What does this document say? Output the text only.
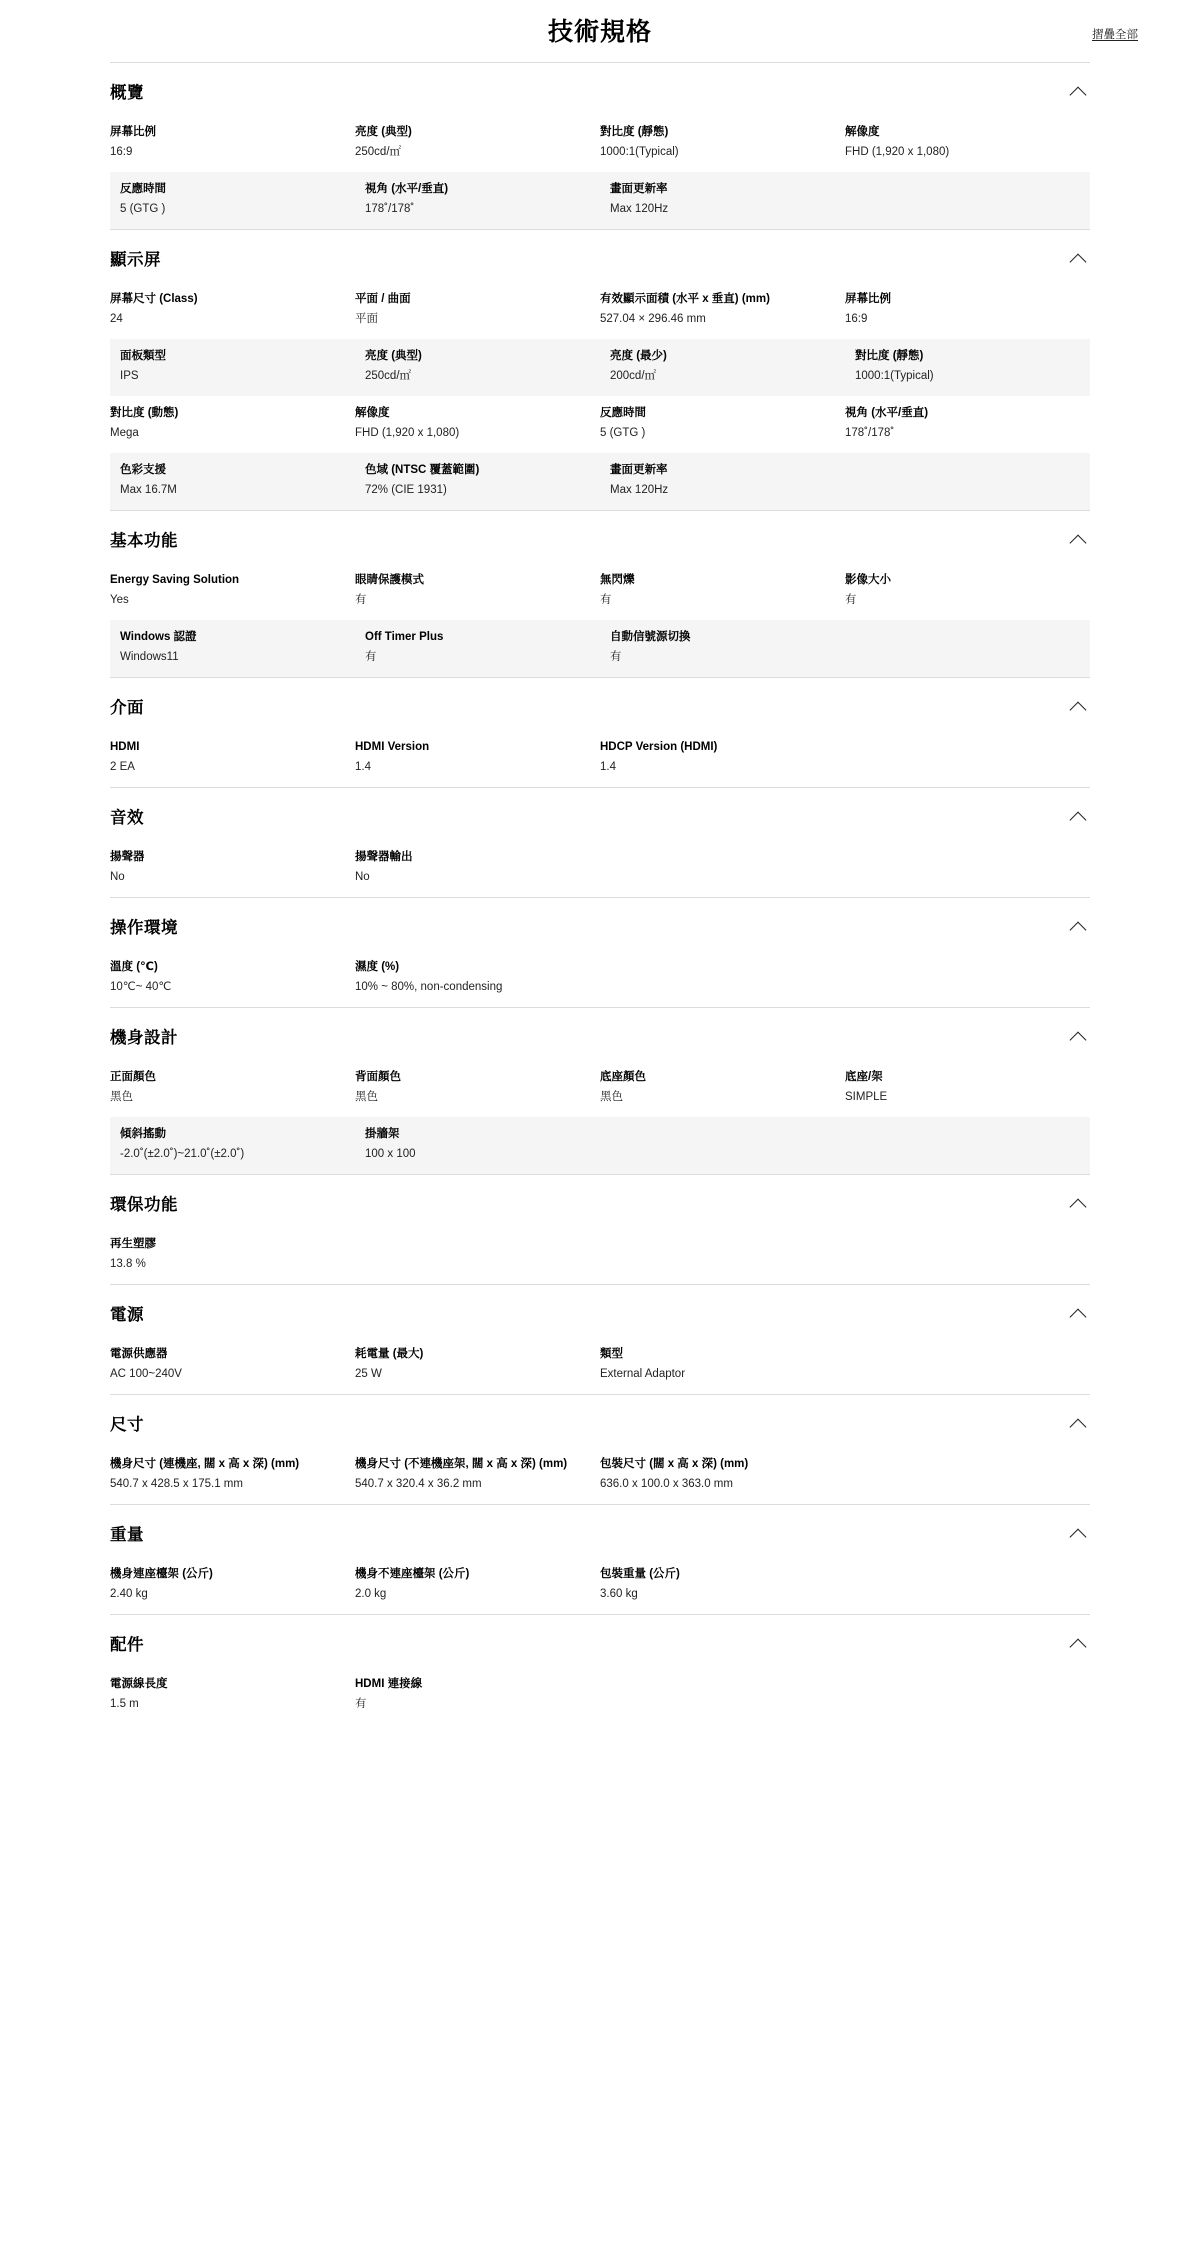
技術規格	摺疊全部
概覽
屏幕比例
16:9
亮度 (典型)
250cd/㎡
對比度 (靜態)
1000:1(Typical)
解像度
FHD (1,920 x 1,080)
反應時間
5 (GTG )
視角 (水平/垂直)
178˚/178˚
畫面更新率
Max 120Hz
顯示屏
屏幕尺寸 (Class)
24
平面 / 曲面
平面
有效顯示面積 (水平 x 垂直) (mm)
527.04 × 296.46 mm
屏幕比例
16:9
面板類型
IPS
亮度 (典型)
250cd/㎡
亮度 (最少)
200cd/㎡
對比度 (靜態)
1000:1(Typical)
對比度 (動態)
Mega
解像度
FHD (1,920 x 1,080)
反應時間
5 (GTG )
視角 (水平/垂直)
178˚/178˚
色彩支援
Max 16.7M
色域 (NTSC 覆蓋範圍)
72% (CIE 1931)
畫面更新率
Max 120Hz
基本功能
Energy Saving Solution
Yes
眼睛保護模式
有
無閃爍
有
影像大小
有
Windows 認證
Windows11
Off Timer Plus
有
自動信號源切換
有
介面
HDMI
2 EA
HDMI Version
1.4
HDCP Version (HDMI)
1.4
音效
揚聲器
No
揚聲器輸出
No
操作環境
溫度 (℃)
10℃~ 40℃
濕度 (%)
10% ~ 80%, non-condensing
機身設計
正面顏色
黑色
背面顏色
黑色
底座顏色
黑色
底座/架
SIMPLE
傾斜搖動
-2.0˚(±2.0˚)~21.0˚(±2.0˚)
掛牆架
100 x 100
環保功能
再生塑膠
13.8 %
電源
電源供應器
AC 100~240V
耗電量 (最大)
25 W
類型
External Adaptor
尺寸
機身尺寸 (連機座, 闊 x 高 x 深) (mm)
540.7 x 428.5 x 175.1 mm
機身尺寸 (不連機座架, 闊 x 高 x 深) (mm)
540.7 x 320.4 x 36.2 mm
包裝尺寸 (闊 x 高 x 深) (mm)
636.0 x 100.0 x 363.0 mm
重量
機身連座檯架 (公斤)
2.40 kg
機身不連座檯架 (公斤)
2.0 kg
包裝重量 (公斤)
3.60 kg
配件
電源線長度
1.5 m
HDMI 連接線
有
